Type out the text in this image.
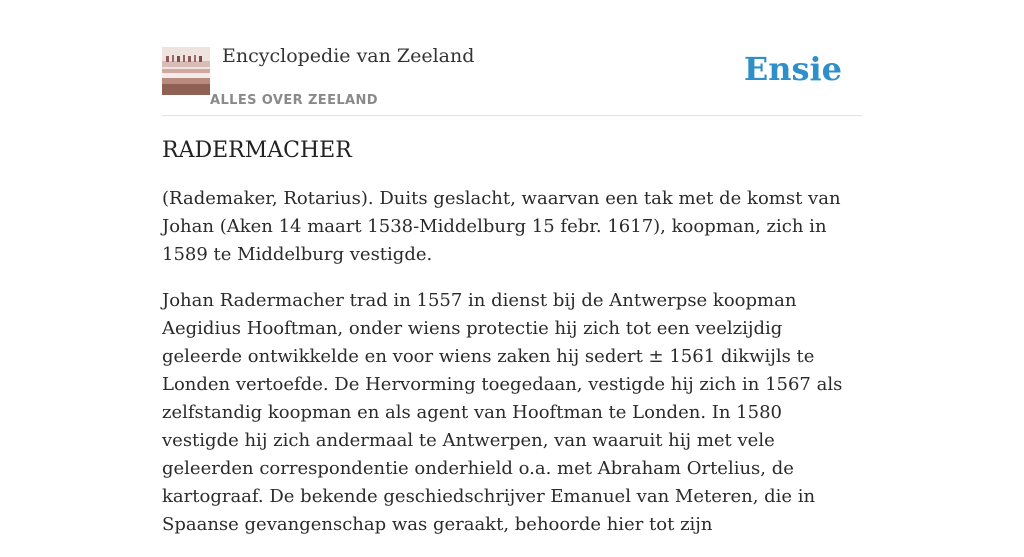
Encyclopedie van Zeeland
ALLES OVER ZEELAND
Ensie
RADERMACHER

(Rademaker, Rotarius). Duits geslacht, waarvan een tak met de komst van Johan (Aken 14 maart 1538-Middelburg 15 febr. 1617), koopman, zich in 1589 te Middelburg vestigde.

Johan Radermacher trad in 1557 in dienst bij de Antwerpse koopman Aegidius Hooftman, onder wiens protectie hij zich tot een veelzijdig geleerde ontwikkelde en voor wiens zaken hij sedert ± 1561 dikwijls te Londen vertoefde. De Hervorming toegedaan, vestigde hij zich in 1567 als zelfstandig koopman en als agent van Hooftman te Londen. In 1580 vestigde hij zich andermaal te Antwerpen, van waaruit hij met vele geleerden correspondentie onderhield o.a. met Abraham Ortelius, de kartograaf. De bekende geschiedschrijver Emanuel van Meteren, die in Spaanse gevangenschap was geraakt, behoorde hier tot zijn
